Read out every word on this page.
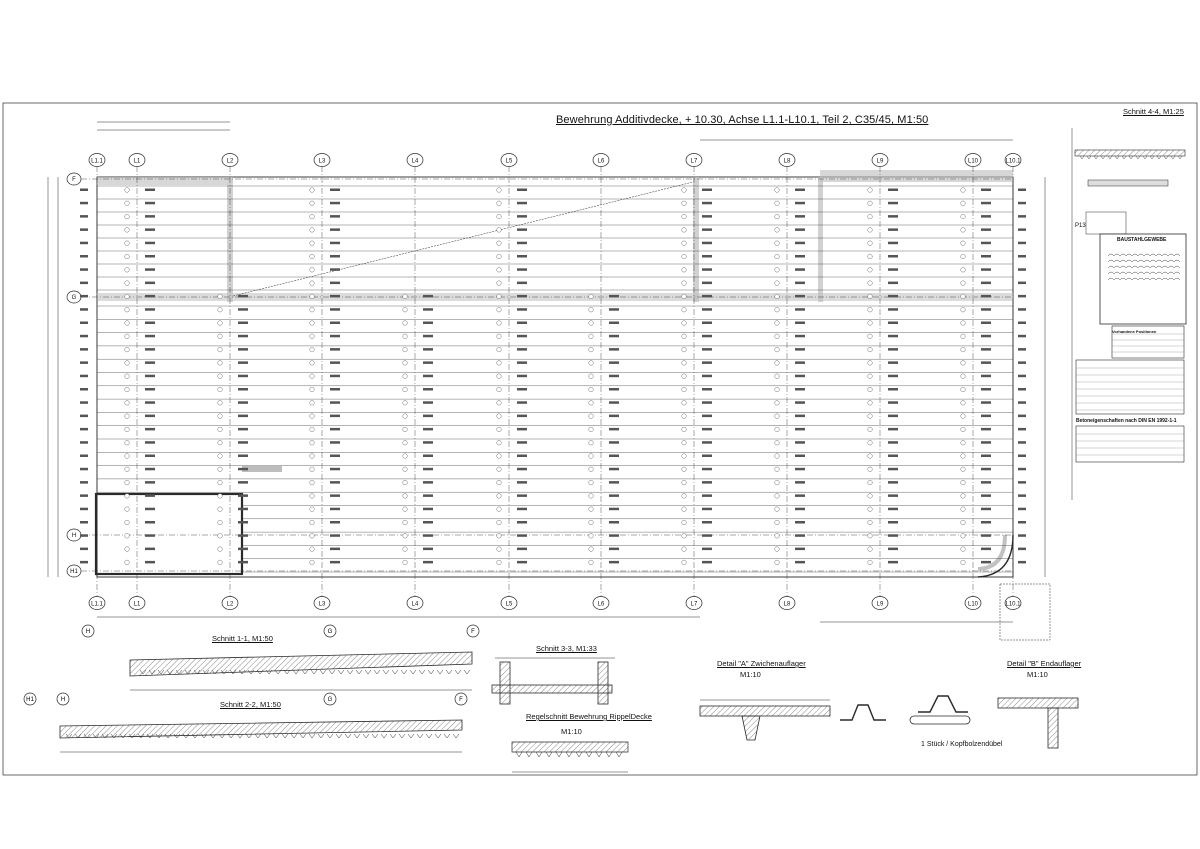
L1.1
L1.1
L1
L1
L2
L2
L3
L3
L4
L4
L5
L5
L6
L6
L7
L7
L8
L8
L9
L9
L10
L10
L10.1
L10.1
F
G
H
H1
H	G	F
H1	H	G	F
Bewehrung Additivdecke, + 10.30, Achse L1.1-L10.1, Teil 2, C35/45, M1:50
Schnitt 4-4, M1:25
Schnitt 1-1, M1:50
Schnitt 2-2, M1:50
Schnitt 3-3, M1:33
Regelschnitt Bewehrung RippelDecke
M1:10
Detail "A" Zwichenauflager
M1:10
Detail "B" Endauflager
M1:10
1 Stück / Kopfbolzendübel
BAUSTAHLGEWEBE
Betoneigenschaften nach DIN EN 1992-1-1
Vorhandene Positionen
P13
